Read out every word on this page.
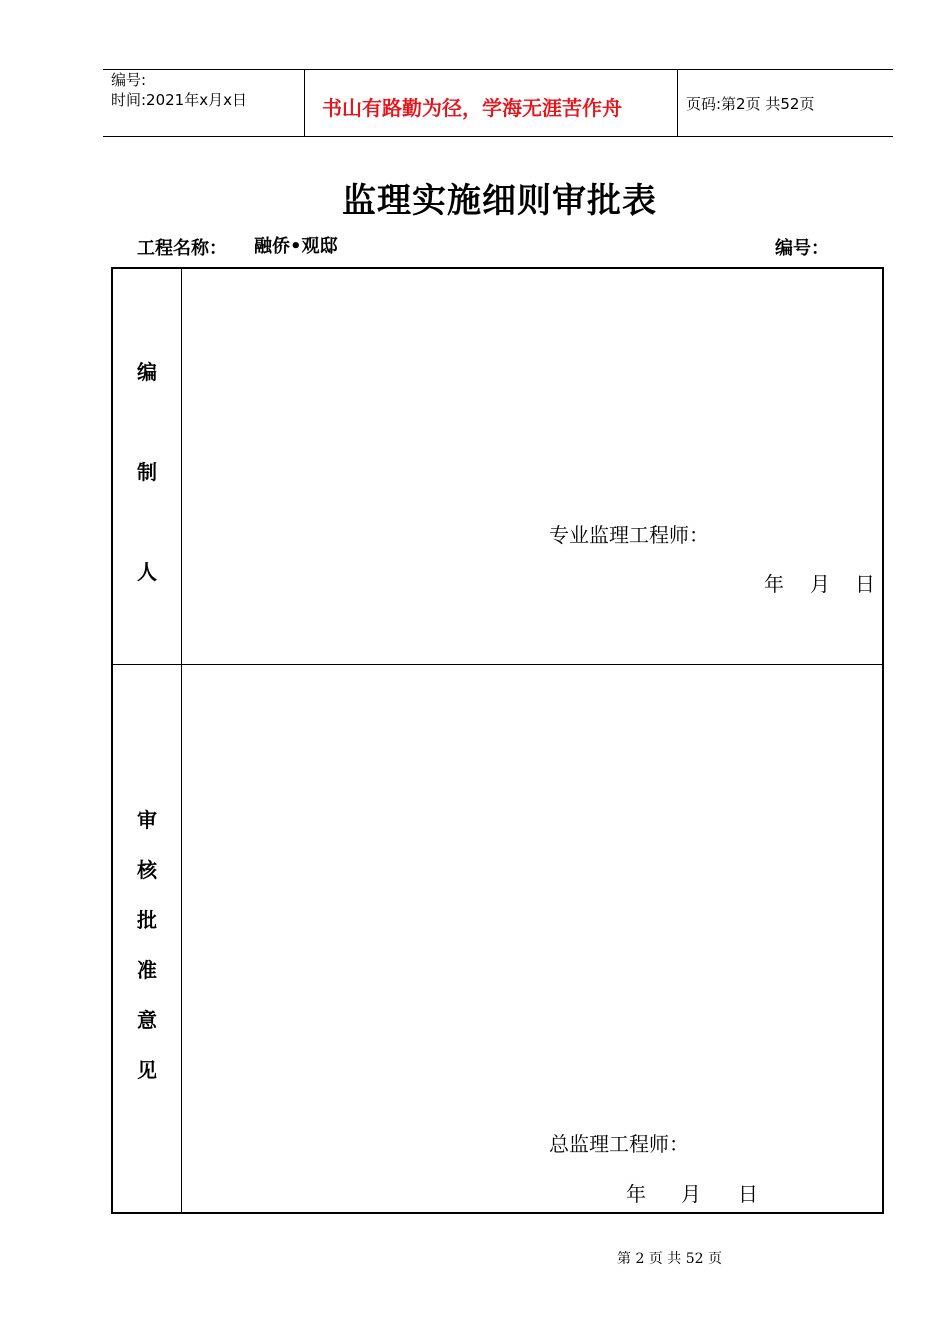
编号:
时间:2021年x月x日	书山有路勤为径，学海无涯苦作舟	页码:第2页 共52页
监理实施细则审批表
工程名称： 融侨•观邸	编号：
编
制
人
专业监理工程师：
年 月 日
审
核
批
准
意
见
总监理工程师：
年 月 日
第 2 页 共 52 页
